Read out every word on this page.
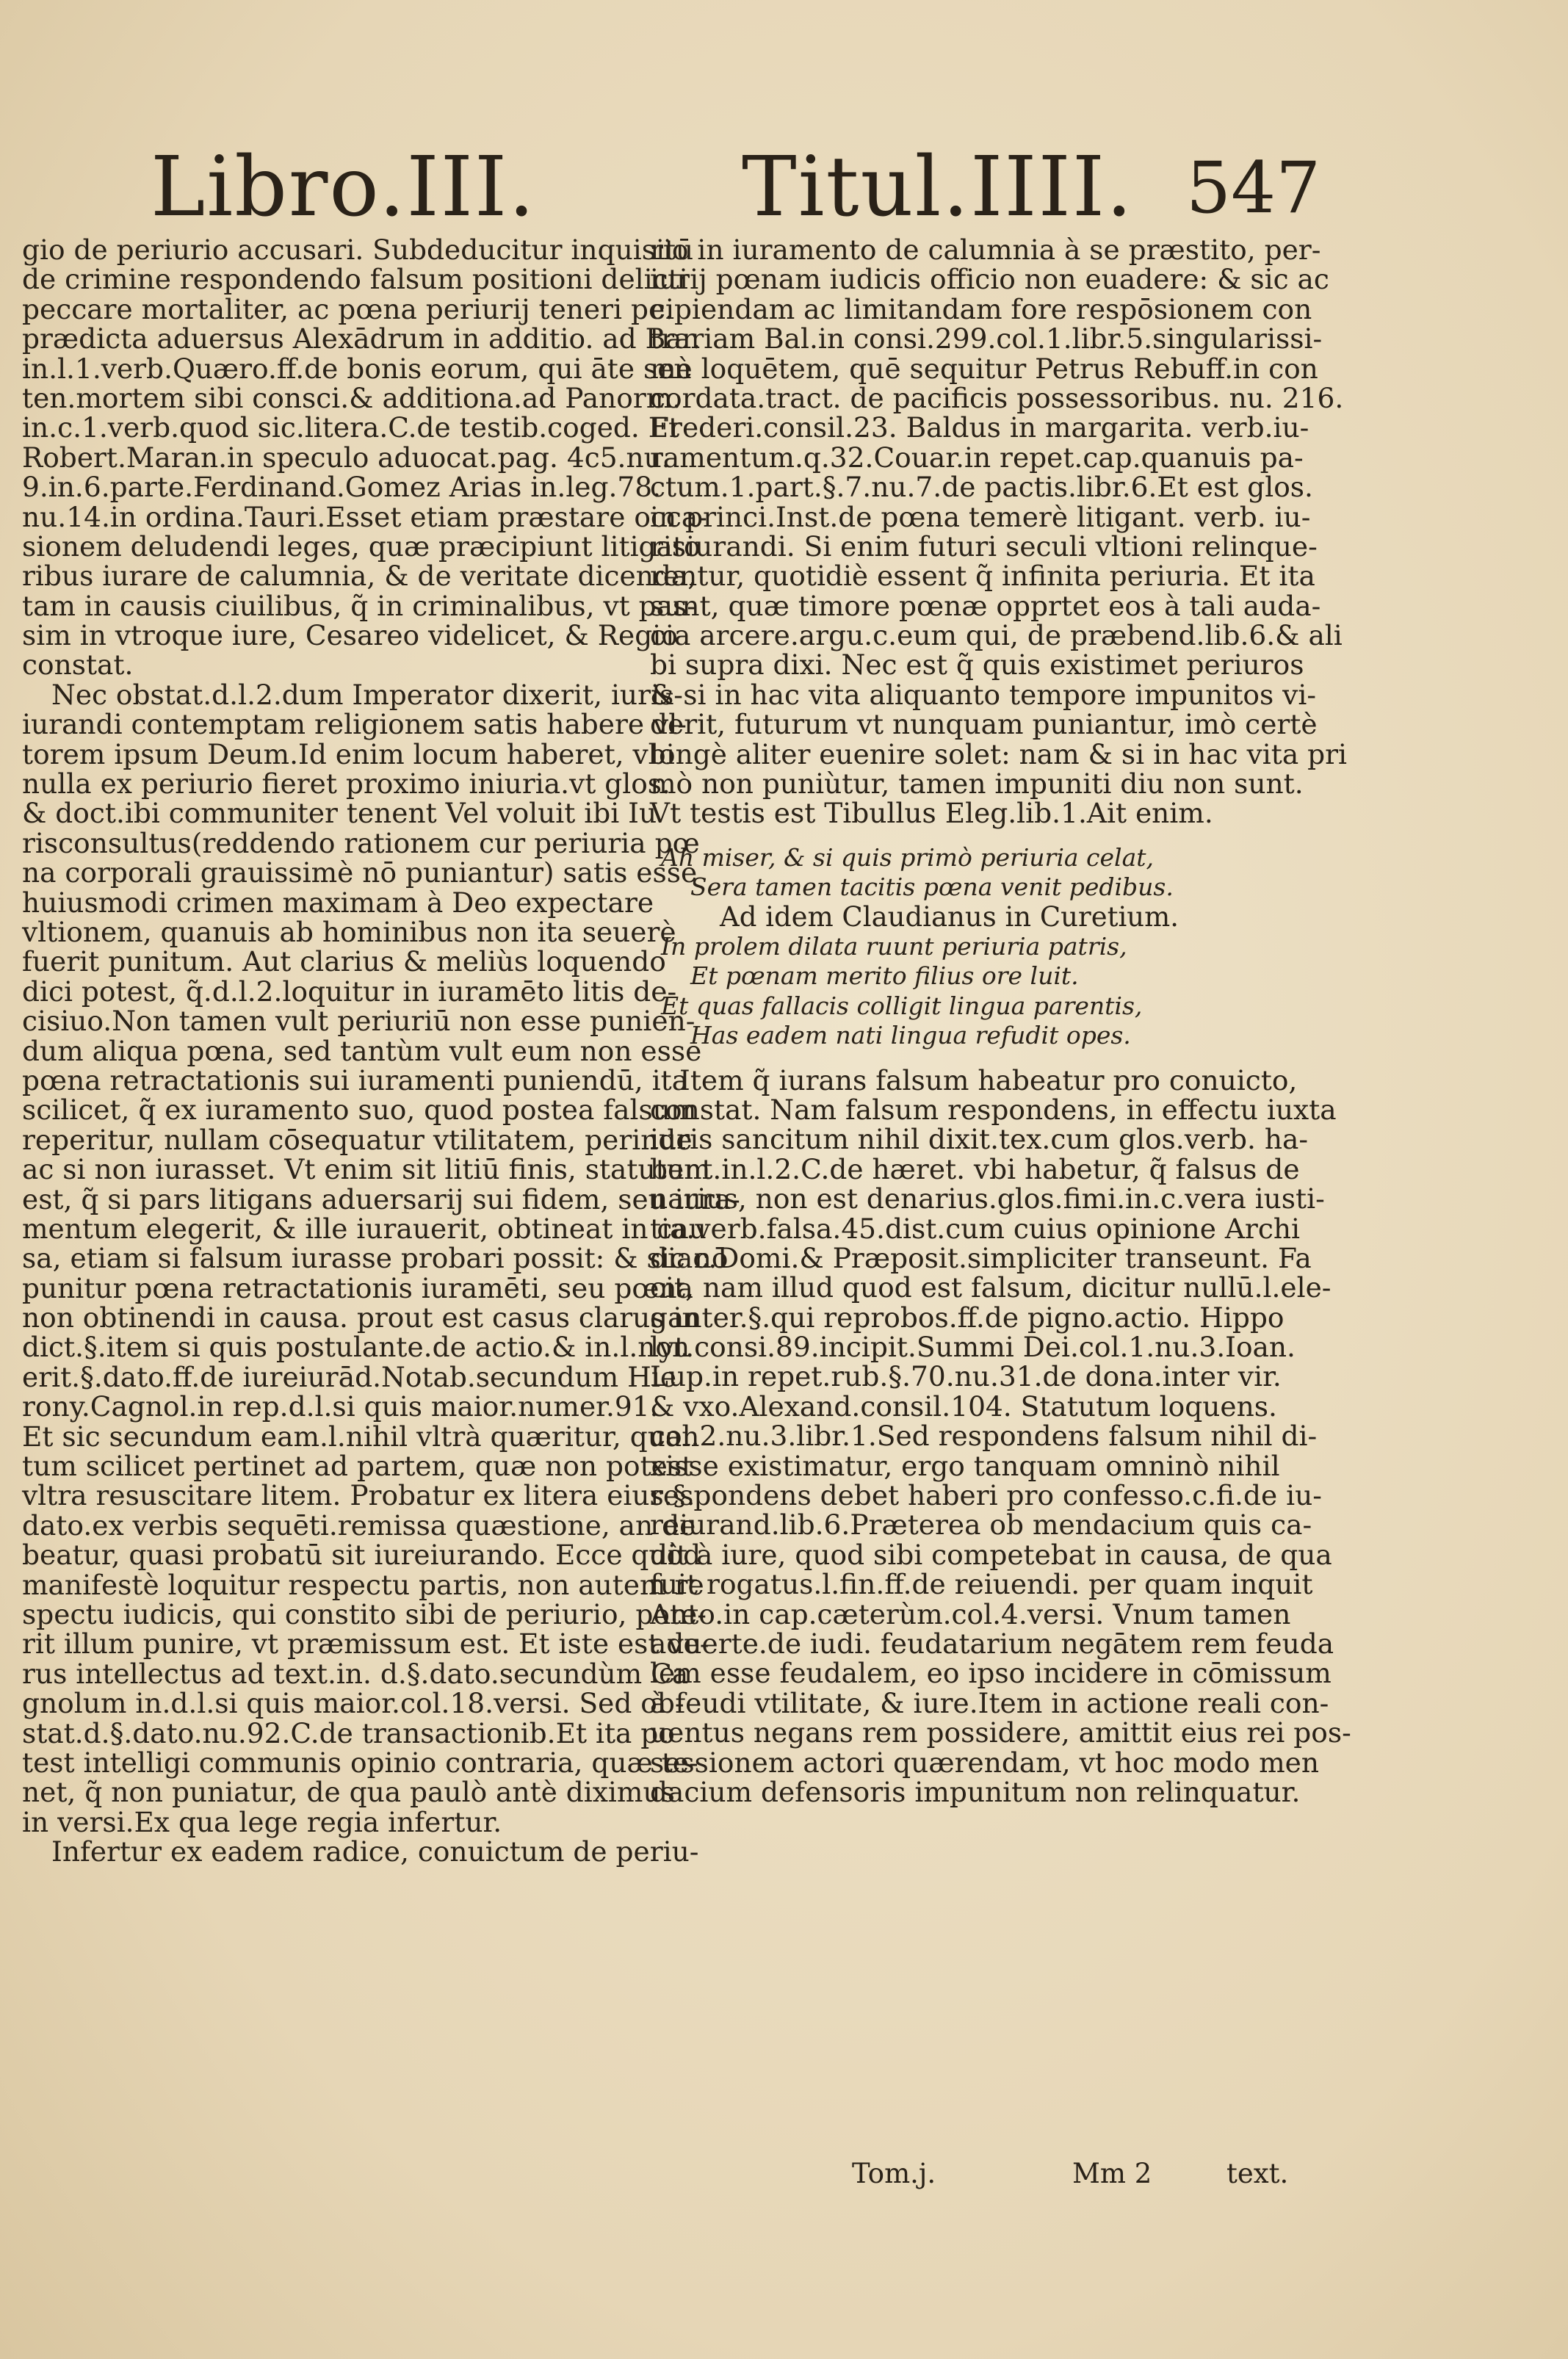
Libro.III.	Titul.IIII. 547
gio de periurio accusari. Subdeducitur inquisitū
de crimine respondendo falsum positioni delicti
peccare mortaliter, ac pœna periurij teneri pe.
prædicta aduersus Alexādrum in additio. ad Bar.
in.l.1.verb.Quæro.ff.de bonis eorum, qui āte sen
ten.mortem sibi consci.& additiona.ad Panorm.
in.c.1.verb.quod sic.litera.C.de testib.coged. Et
Robert.Maran.in speculo aduocat.pag. 4c5.nu.
9.in.6.parte.Ferdinand.Gomez Arias in.leg.78.
nu.14.in ordina.Tauri.Esset etiam præstare occa-
sionem deludendi leges, quæ præcipiunt litigato
ribus iurare de calumnia, & de veritate dicenda,
tam in causis ciuilibus, q̃ in criminalibus, vt pas-
sim in vtroque iure, Cesareo videlicet, & Regio
constat.
Nec obstat.d.l.2.dum Imperator dixerit, iuris-
iurandi contemptam religionem satis habere vl-
torem ipsum Deum.Id enim locum haberet, vbi
nulla ex periurio fieret proximo iniuria.vt glos.
& doct.ibi communiter tenent Vel voluit ibi Iu
risconsultus(reddendo rationem cur periuria pœ
na corporali grauissimè nō puniantur) satis esse
huiusmodi crimen maximam à Deo expectare
vltionem, quanuis ab hominibus non ita seuerè
fuerit punitum. Aut clarius & meliùs loquendo
dici potest, q̃.d.l.2.loquitur in iuramēto litis de-
cisiuo.Non tamen vult periuriū non esse punien-
dum aliqua pœna, sed tantùm vult eum non esse
pœna retractationis sui iuramenti puniendū, ita
scilicet, q̃ ex iuramento suo, quod postea falsum
reperitur, nullam cōsequatur vtilitatem, perinde
ac si non iurasset. Vt enim sit litiū finis, statutum
est, q̃ si pars litigans aduersarij sui fidem, seu iura-
mentum elegerit, & ille iurauerit, obtineat in cau
sa, etiam si falsum iurasse probari possit: & sic nō
punitur pœna retractationis iuramēti, seu pœna
non obtinendi in causa. prout est casus clarus in
dict.§.item si quis postulante.de actio.& in.l.non
erit.§.dato.ff.de iureiurād.Notab.secundum Hie
rony.Cagnol.in rep.d.l.si quis maior.numer.91.
Et sic secundum eam.l.nihil vltrà quæritur, quan
tum scilicet pertinet ad partem, quæ non potest
vltra resuscitare litem. Probatur ex litera eius.§.
dato.ex verbis sequēti.remissa quæstione, an de
beatur, quasi probatū sit iureiurando. Ecce quòd
manifestè loquitur respectu partis, non autem re
spectu iudicis, qui constito sibi de periurio, pote-
rit illum punire, vt præmissum est. Et iste est ve-
rus intellectus ad text.in. d.§.dato.secundùm Ca
gnolum in.d.l.si quis maior.col.18.versi. Sed ob-
stat.d.§.dato.nu.92.C.de transactionib.Et ita po
test intelligi communis opinio contraria, quæ te-
net, q̃ non puniatur, de qua paulò antè diximus
in versi.Ex qua lege regia infertur.
Infertur ex eadem radice, conuictum de periu-
rio in iuramento de calumnia à se præstito, per-
iurij pœnam iudicis officio non euadere: & sic ac
cipiendam ac limitandam fore respōsionem con
trariam Bal.in consi.299.col.1.libr.5.singularissi-
mè loquētem, quē sequitur Petrus Rebuff.in con
cordata.tract. de pacificis possessoribus. nu. 216.
Frederi.consil.23. Baldus in margarita. verb.iu-
ramentum.q.32.Couar.in repet.cap.quanuis pa-
ctum.1.part.§.7.nu.7.de pactis.libr.6.Et est glos.
in princi.Inst.de pœna temerè litigant. verb. iu-
risiurandi. Si enim futuri seculi vltioni relinque-
rentur, quotidiè essent q̃ infinita periuria. Et ita
sunt, quæ timore pœnæ opprtet eos à tali auda-
cia arcere.argu.c.eum qui, de præbend.lib.6.& ali
bi supra dixi. Nec est q̃ quis existimet periuros
& si in hac vita aliquanto tempore impunitos vi-
derit, futurum vt nunquam puniantur, imò certè
longè aliter euenire solet: nam & si in hac vita pri
mò non puniùtur, tamen impuniti diu non sunt.
Vt testis est Tibullus Eleg.lib.1.Ait enim.
Ah miser, & si quis primò periuria celat,
Sera tamen tacitis pœna venit pedibus.
Ad idem Claudianus in Curetium.
In prolem dilata ruunt periuria patris,
Et pœnam merito filius ore luit.
Et quas fallacis colligit lingua parentis,
Has eadem nati lingua refudit opes.
Item q̃ iurans falsum habeatur pro conuicto,
constat. Nam falsum respondens, in effectu iuxta
iuris sancitum nihil dixit.tex.cum glos.verb. ha-
bent.in.l.2.C.de hæret. vbi habetur, q̃ falsus de
narius, non est denarius.glos.fimi.in.c.vera iusti-
tia.verb.falsa.45.dist.cum cuius opinione Archi
diac.Domi.& Præposit.simpliciter transeunt. Fa
cit, nam illud quod est falsum, dicitur nullū.l.ele-
ganter.§.qui reprobos.ff.de pigno.actio. Hippo
lyt.consi.89.incipit.Summi Dei.col.1.nu.3.Ioan.
Lup.in repet.rub.§.70.nu.31.de dona.inter vir.
& vxo.Alexand.consil.104. Statutum loquens.
col.2.nu.3.libr.1.Sed respondens falsum nihil di-
xisse existimatur, ergo tanquam omninò nihil
respondens debet haberi pro confesso.c.fi.de iu-
reiurand.lib.6.Præterea ob mendacium quis ca-
dit à iure, quod sibi competebat in causa, de qua
fuit rogatus.l.fin.ff.de reiuendi. per quam inquit
Anto.in cap.cæterùm.col.4.versi. Vnum tamen
aduerte.de iudi. feudatarium negātem rem feuda
lem esse feudalem, eo ipso incidere in cōmissum
à feudi vtilitate, & iure.Item in actione reali con-
uentus negans rem possidere, amittit eius rei pos-
sessionem actori quærendam, vt hoc modo men
dacium defensoris impunitum non relinquatur.
Tom.j.	Mm 2	text.
